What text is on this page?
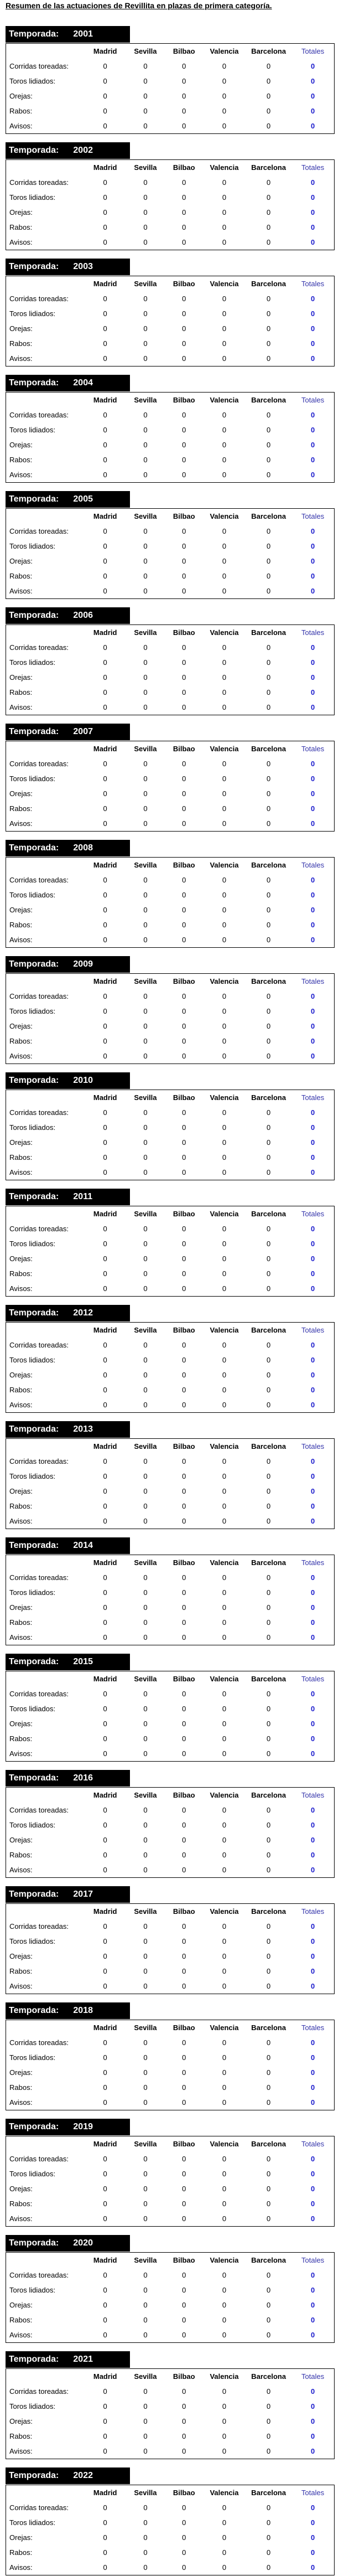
Resumen de las actuaciones de Revillita en plazas de primera categoría.
Temporada: 2001
	Madrid	Sevilla	Bilbao	Valencia	Barcelona	Totales
Corridas toreadas:	0	0	0	0	0	0
Toros lidiados:	0	0	0	0	0	0
Orejas:	0	0	0	0	0	0
Rabos:	0	0	0	0	0	0
Avisos:	0	0	0	0	0	0
Temporada: 2002
	Madrid	Sevilla	Bilbao	Valencia	Barcelona	Totales
Corridas toreadas:	0	0	0	0	0	0
Toros lidiados:	0	0	0	0	0	0
Orejas:	0	0	0	0	0	0
Rabos:	0	0	0	0	0	0
Avisos:	0	0	0	0	0	0
Temporada: 2003
	Madrid	Sevilla	Bilbao	Valencia	Barcelona	Totales
Corridas toreadas:	0	0	0	0	0	0
Toros lidiados:	0	0	0	0	0	0
Orejas:	0	0	0	0	0	0
Rabos:	0	0	0	0	0	0
Avisos:	0	0	0	0	0	0
Temporada: 2004
	Madrid	Sevilla	Bilbao	Valencia	Barcelona	Totales
Corridas toreadas:	0	0	0	0	0	0
Toros lidiados:	0	0	0	0	0	0
Orejas:	0	0	0	0	0	0
Rabos:	0	0	0	0	0	0
Avisos:	0	0	0	0	0	0
Temporada: 2005
	Madrid	Sevilla	Bilbao	Valencia	Barcelona	Totales
Corridas toreadas:	0	0	0	0	0	0
Toros lidiados:	0	0	0	0	0	0
Orejas:	0	0	0	0	0	0
Rabos:	0	0	0	0	0	0
Avisos:	0	0	0	0	0	0
Temporada: 2006
	Madrid	Sevilla	Bilbao	Valencia	Barcelona	Totales
Corridas toreadas:	0	0	0	0	0	0
Toros lidiados:	0	0	0	0	0	0
Orejas:	0	0	0	0	0	0
Rabos:	0	0	0	0	0	0
Avisos:	0	0	0	0	0	0
Temporada: 2007
	Madrid	Sevilla	Bilbao	Valencia	Barcelona	Totales
Corridas toreadas:	0	0	0	0	0	0
Toros lidiados:	0	0	0	0	0	0
Orejas:	0	0	0	0	0	0
Rabos:	0	0	0	0	0	0
Avisos:	0	0	0	0	0	0
Temporada: 2008
	Madrid	Sevilla	Bilbao	Valencia	Barcelona	Totales
Corridas toreadas:	0	0	0	0	0	0
Toros lidiados:	0	0	0	0	0	0
Orejas:	0	0	0	0	0	0
Rabos:	0	0	0	0	0	0
Avisos:	0	0	0	0	0	0
Temporada: 2009
	Madrid	Sevilla	Bilbao	Valencia	Barcelona	Totales
Corridas toreadas:	0	0	0	0	0	0
Toros lidiados:	0	0	0	0	0	0
Orejas:	0	0	0	0	0	0
Rabos:	0	0	0	0	0	0
Avisos:	0	0	0	0	0	0
Temporada: 2010
	Madrid	Sevilla	Bilbao	Valencia	Barcelona	Totales
Corridas toreadas:	0	0	0	0	0	0
Toros lidiados:	0	0	0	0	0	0
Orejas:	0	0	0	0	0	0
Rabos:	0	0	0	0	0	0
Avisos:	0	0	0	0	0	0
Temporada: 2011
	Madrid	Sevilla	Bilbao	Valencia	Barcelona	Totales
Corridas toreadas:	0	0	0	0	0	0
Toros lidiados:	0	0	0	0	0	0
Orejas:	0	0	0	0	0	0
Rabos:	0	0	0	0	0	0
Avisos:	0	0	0	0	0	0
Temporada: 2012
	Madrid	Sevilla	Bilbao	Valencia	Barcelona	Totales
Corridas toreadas:	0	0	0	0	0	0
Toros lidiados:	0	0	0	0	0	0
Orejas:	0	0	0	0	0	0
Rabos:	0	0	0	0	0	0
Avisos:	0	0	0	0	0	0
Temporada: 2013
	Madrid	Sevilla	Bilbao	Valencia	Barcelona	Totales
Corridas toreadas:	0	0	0	0	0	0
Toros lidiados:	0	0	0	0	0	0
Orejas:	0	0	0	0	0	0
Rabos:	0	0	0	0	0	0
Avisos:	0	0	0	0	0	0
Temporada: 2014
	Madrid	Sevilla	Bilbao	Valencia	Barcelona	Totales
Corridas toreadas:	0	0	0	0	0	0
Toros lidiados:	0	0	0	0	0	0
Orejas:	0	0	0	0	0	0
Rabos:	0	0	0	0	0	0
Avisos:	0	0	0	0	0	0
Temporada: 2015
	Madrid	Sevilla	Bilbao	Valencia	Barcelona	Totales
Corridas toreadas:	0	0	0	0	0	0
Toros lidiados:	0	0	0	0	0	0
Orejas:	0	0	0	0	0	0
Rabos:	0	0	0	0	0	0
Avisos:	0	0	0	0	0	0
Temporada: 2016
	Madrid	Sevilla	Bilbao	Valencia	Barcelona	Totales
Corridas toreadas:	0	0	0	0	0	0
Toros lidiados:	0	0	0	0	0	0
Orejas:	0	0	0	0	0	0
Rabos:	0	0	0	0	0	0
Avisos:	0	0	0	0	0	0
Temporada: 2017
	Madrid	Sevilla	Bilbao	Valencia	Barcelona	Totales
Corridas toreadas:	0	0	0	0	0	0
Toros lidiados:	0	0	0	0	0	0
Orejas:	0	0	0	0	0	0
Rabos:	0	0	0	0	0	0
Avisos:	0	0	0	0	0	0
Temporada: 2018
	Madrid	Sevilla	Bilbao	Valencia	Barcelona	Totales
Corridas toreadas:	0	0	0	0	0	0
Toros lidiados:	0	0	0	0	0	0
Orejas:	0	0	0	0	0	0
Rabos:	0	0	0	0	0	0
Avisos:	0	0	0	0	0	0
Temporada: 2019
	Madrid	Sevilla	Bilbao	Valencia	Barcelona	Totales
Corridas toreadas:	0	0	0	0	0	0
Toros lidiados:	0	0	0	0	0	0
Orejas:	0	0	0	0	0	0
Rabos:	0	0	0	0	0	0
Avisos:	0	0	0	0	0	0
Temporada: 2020
	Madrid	Sevilla	Bilbao	Valencia	Barcelona	Totales
Corridas toreadas:	0	0	0	0	0	0
Toros lidiados:	0	0	0	0	0	0
Orejas:	0	0	0	0	0	0
Rabos:	0	0	0	0	0	0
Avisos:	0	0	0	0	0	0
Temporada: 2021
	Madrid	Sevilla	Bilbao	Valencia	Barcelona	Totales
Corridas toreadas:	0	0	0	0	0	0
Toros lidiados:	0	0	0	0	0	0
Orejas:	0	0	0	0	0	0
Rabos:	0	0	0	0	0	0
Avisos:	0	0	0	0	0	0
Temporada: 2022
	Madrid	Sevilla	Bilbao	Valencia	Barcelona	Totales
Corridas toreadas:	0	0	0	0	0	0
Toros lidiados:	0	0	0	0	0	0
Orejas:	0	0	0	0	0	0
Rabos:	0	0	0	0	0	0
Avisos:	0	0	0	0	0	0
